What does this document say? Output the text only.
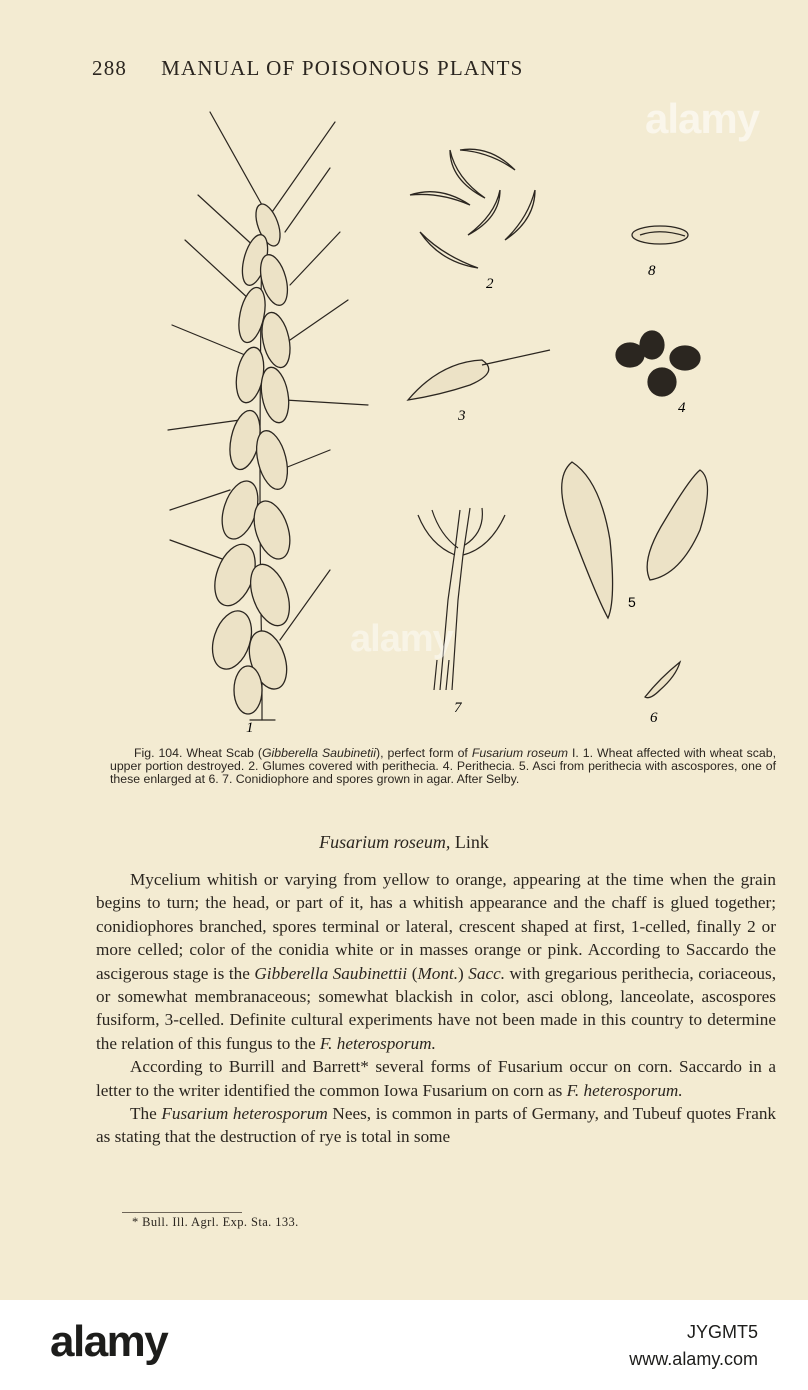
288 MANUAL OF POISONOUS PLANTS
alamy
1
2
3	4
5
6
7
8
alamy
Fig. 104. Wheat Scab (Gibberella Saubinetii), perfect form of Fusarium roseum I. 1. Wheat affected with wheat scab, upper portion destroyed. 2. Glumes covered with perithecia. 4. Perithecia. 5. Asci from perithecia with ascospores, one of these enlarged at 6. 7. Conidiophore and spores grown in agar. After Selby.
Fusarium roseum, Link

Mycelium whitish or varying from yellow to orange, appearing at the time when the grain begins to turn; the head, or part of it, has a whitish appearance and the chaff is glued together; conidiophores branched, spores terminal or lateral, crescent shaped at first, 1-celled, finally 2 or more celled; color of the conidia white or in masses orange or pink. According to Saccardo the ascigerous stage is the Gibberella Saubinettii (Mont.) Sacc. with gregarious perithecia, coriaceous, or somewhat membranaceous; somewhat blackish in color, asci oblong, lanceolate, ascospores fusiform, 3-celled. Definite cultural experiments have not been made in this country to determine the relation of this fungus to the F. heterosporum.

According to Burrill and Barrett* several forms of Fusarium occur on corn. Saccardo in a letter to the writer identified the common Iowa Fusarium on corn as F. heterosporum.

The Fusarium heterosporum Nees, is common in parts of Germany, and Tubeuf quotes Frank as stating that the destruction of rye is total in some

* Bull. Ill. Agrl. Exp. Sta. 133.
alamy	JYGMT5
www.alamy.com
